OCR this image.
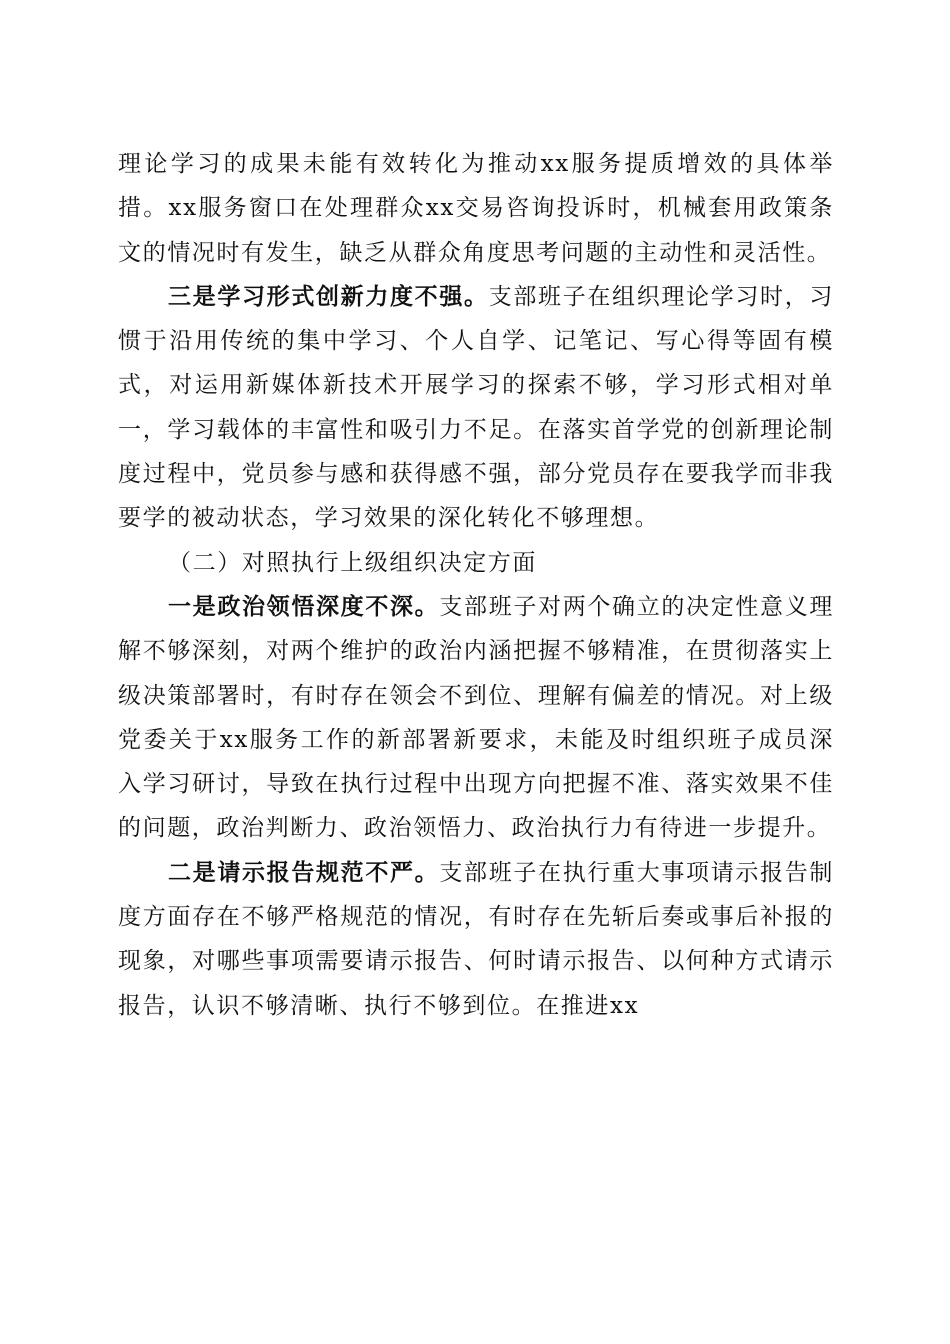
理论学习的成果未能有效转化为推动xx服务提质增效的具体举措。xx服务窗口在处理群众xx交易咨询投诉时，机械套用政策条文的情况时有发生，缺乏从群众角度思考问题的主动性和灵活性。

三是学习形式创新力度不强。支部班子在组织理论学习时，习惯于沿用传统的集中学习、个人自学、记笔记、写心得等固有模式，对运用新媒体新技术开展学习的探索不够，学习形式相对单一，学习载体的丰富性和吸引力不足。在落实首学党的创新理论制度过程中，党员参与感和获得感不强，部分党员存在要我学而非我要学的被动状态，学习效果的深化转化不够理想。

（二）对照执行上级组织决定方面

一是政治领悟深度不深。支部班子对两个确立的决定性意义理解不够深刻，对两个维护的政治内涵把握不够精准，在贯彻落实上级决策部署时，有时存在领会不到位、理解有偏差的情况。对上级党委关于xx服务工作的新部署新要求，未能及时组织班子成员深入学习研讨，导致在执行过程中出现方向把握不准、落实效果不佳的问题，政治判断力、政治领悟力、政治执行力有待进一步提升。

二是请示报告规范不严。支部班子在执行重大事项请示报告制度方面存在不够严格规范的情况，有时存在先斩后奏或事后补报的现象，对哪些事项需要请示报告、何时请示报告、以何种方式请示报告，认识不够清晰、执行不够到位。在推进xx
